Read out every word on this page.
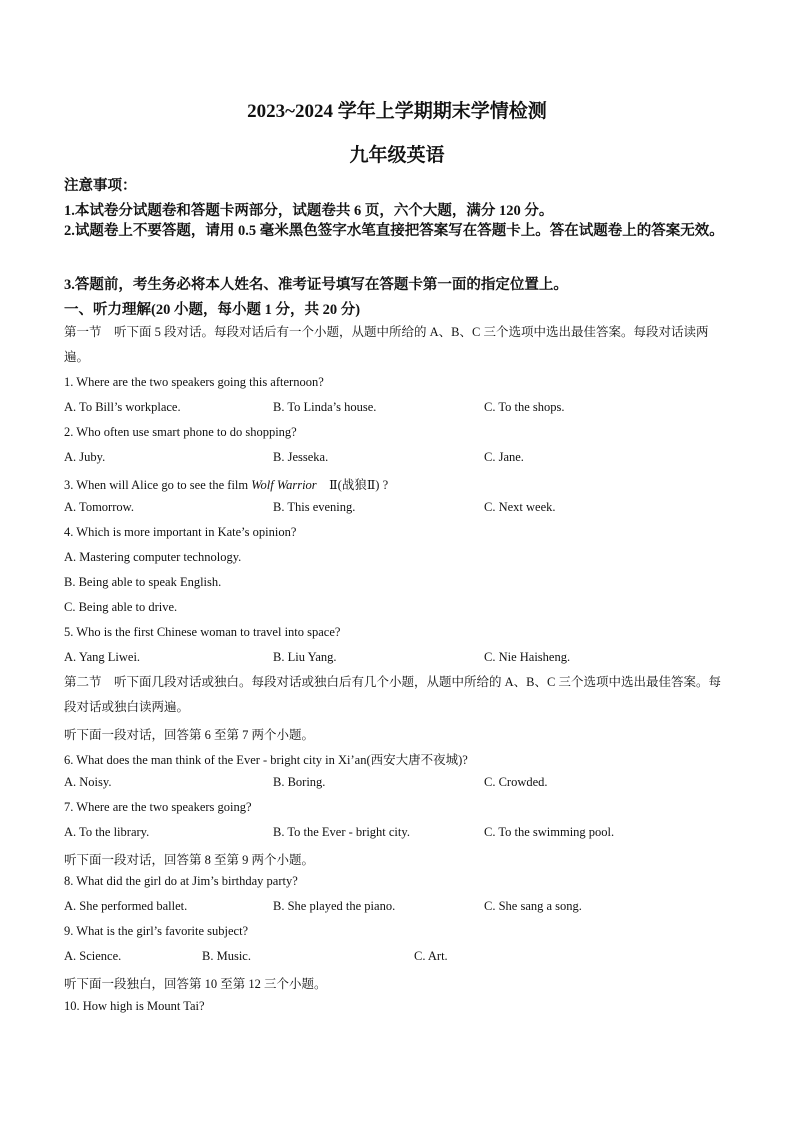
2023~2024 学年上学期期末学情检测
九年级英语
注意事项：
1.本试卷分试题卷和答题卡两部分，试题卷共 6 页，六个大题，满分 120 分。
2.试题卷上不要答题，请用 0.5 毫米黑色签字水笔直接把答案写在答题卡上。答在试题卷上的答案无效。
3.答题前，考生务必将本人姓名、准考证号填写在答题卡第一面的指定位置上。
一、听力理解(20 小题，每小题 1 分，共 20 分)
第一节　听下面 5 段对话。每段对话后有一个小题，从题中所给的 A、B、C 三个选项中选出最佳答案。每段对话读两遍。
1. Where are the two speakers going this afternoon?
A. To Bill’s workplace.	B. To Linda’s house.	C. To the shops.
2. Who often use smart phone to do shopping?
A. Juby.	B. Jesseka.	C. Jane.
3. When will Alice go to see the film Wolf Warrior　Ⅱ(战狼Ⅱ) ?
A. Tomorrow.	B. This evening.	C. Next week.
4. Which is more important in Kate’s opinion?
A. Mastering computer technology.
B. Being able to speak English.
C. Being able to drive.
5. Who is the first Chinese woman to travel into space?
A. Yang Liwei.	B. Liu Yang.	C. Nie Haisheng.
第二节　听下面几段对话或独白。每段对话或独白后有几个小题，从题中所给的 A、B、C 三个选项中选出最佳答案。每段对话或独白读两遍。
听下面一段对话，回答第 6 至第 7 两个小题。
6. What does the man think of the Ever - bright city in Xi’an(西安大唐不夜城)?
A. Noisy.	B. Boring.	C. Crowded.
7. Where are the two speakers going?
A. To the library.	B. To the Ever - bright city.	C. To the swimming pool.
听下面一段对话，回答第 8 至第 9 两个小题。
8. What did the girl do at Jim’s birthday party?
A. She performed ballet.	B. She played the piano.	C. She sang a song.
9. What is the girl’s favorite subject?
A. Science.	B. Music.	C. Art.
听下面一段独白，回答第 10 至第 12 三个小题。
10. How high is Mount Tai?
